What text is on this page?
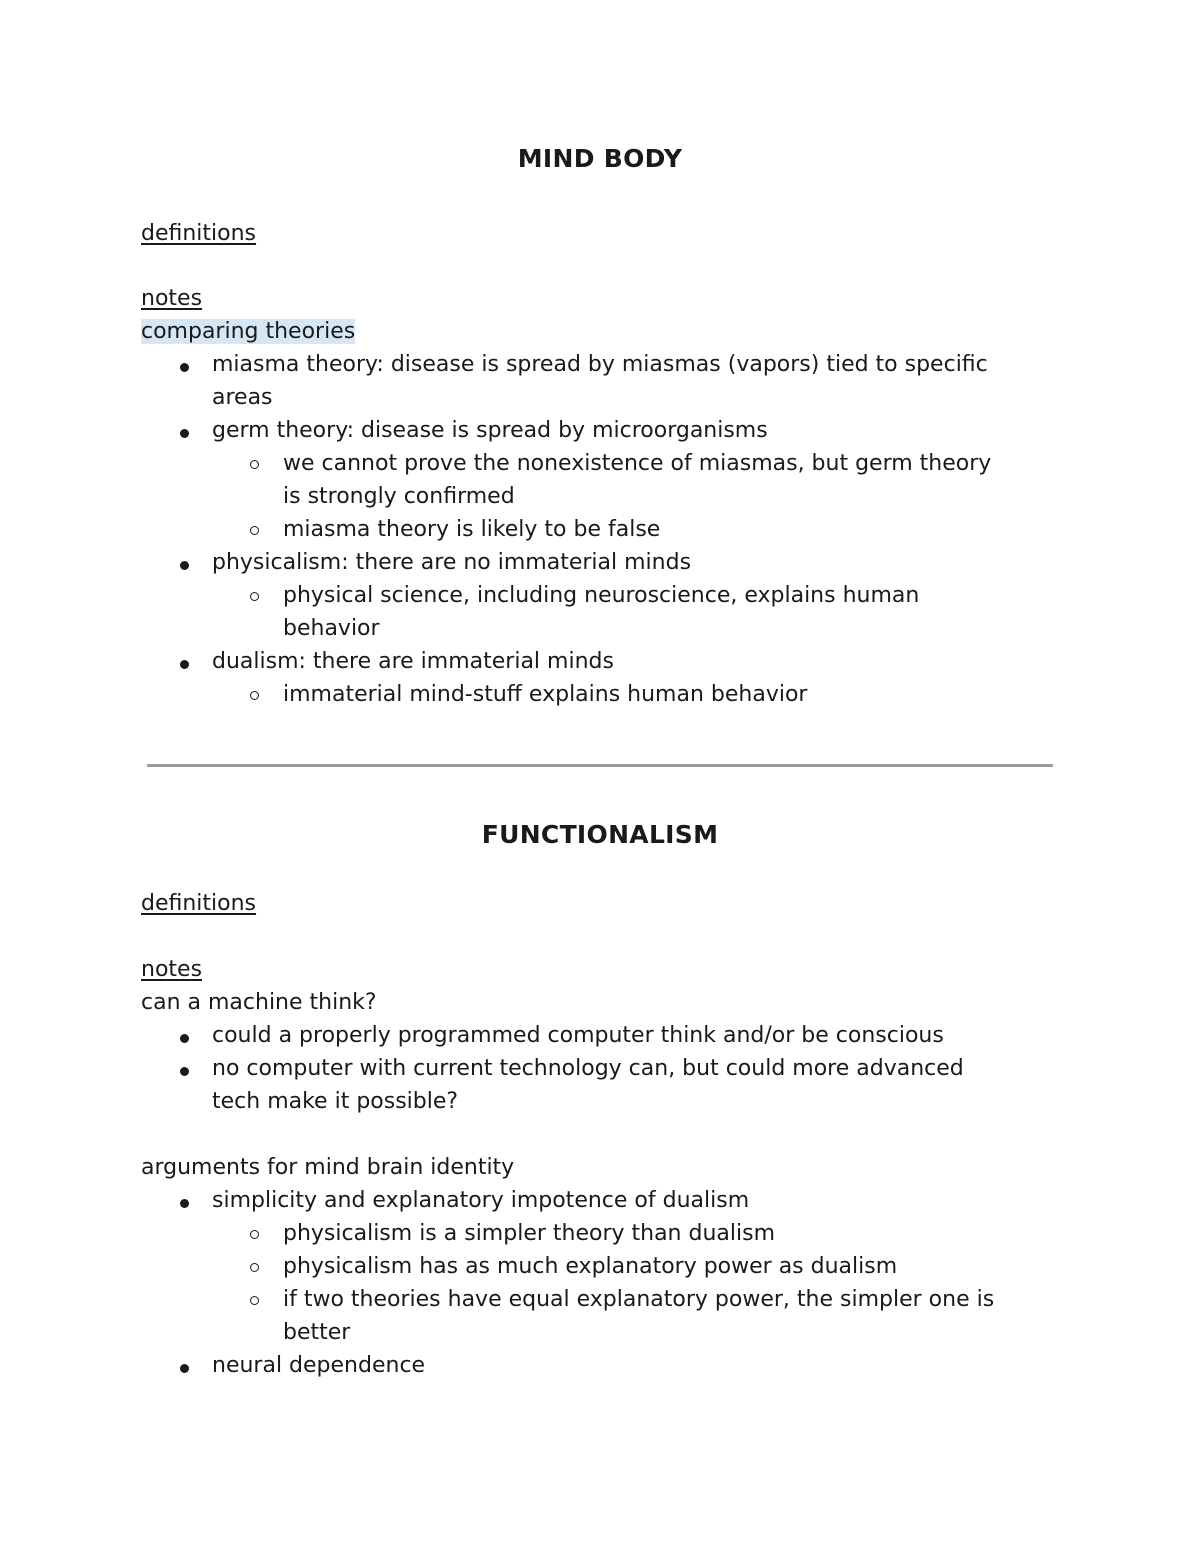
MIND BODY
definitions
notes
comparing theories
miasma theory: disease is spread by miasmas (vapors) tied to specific
areas
germ theory: disease is spread by microorganisms
we cannot prove the nonexistence of miasmas, but germ theory
is strongly confirmed
miasma theory is likely to be false
physicalism: there are no immaterial minds
physical science, including neuroscience, explains human
behavior
dualism: there are immaterial minds
immaterial mind-stuff explains human behavior
FUNCTIONALISM
definitions
notes
can a machine think?
could a properly programmed computer think and/or be conscious
no computer with current technology can, but could more advanced
tech make it possible?
arguments for mind brain identity
simplicity and explanatory impotence of dualism
physicalism is a simpler theory than dualism
physicalism has as much explanatory power as dualism
if two theories have equal explanatory power, the simpler one is
better
neural dependence
